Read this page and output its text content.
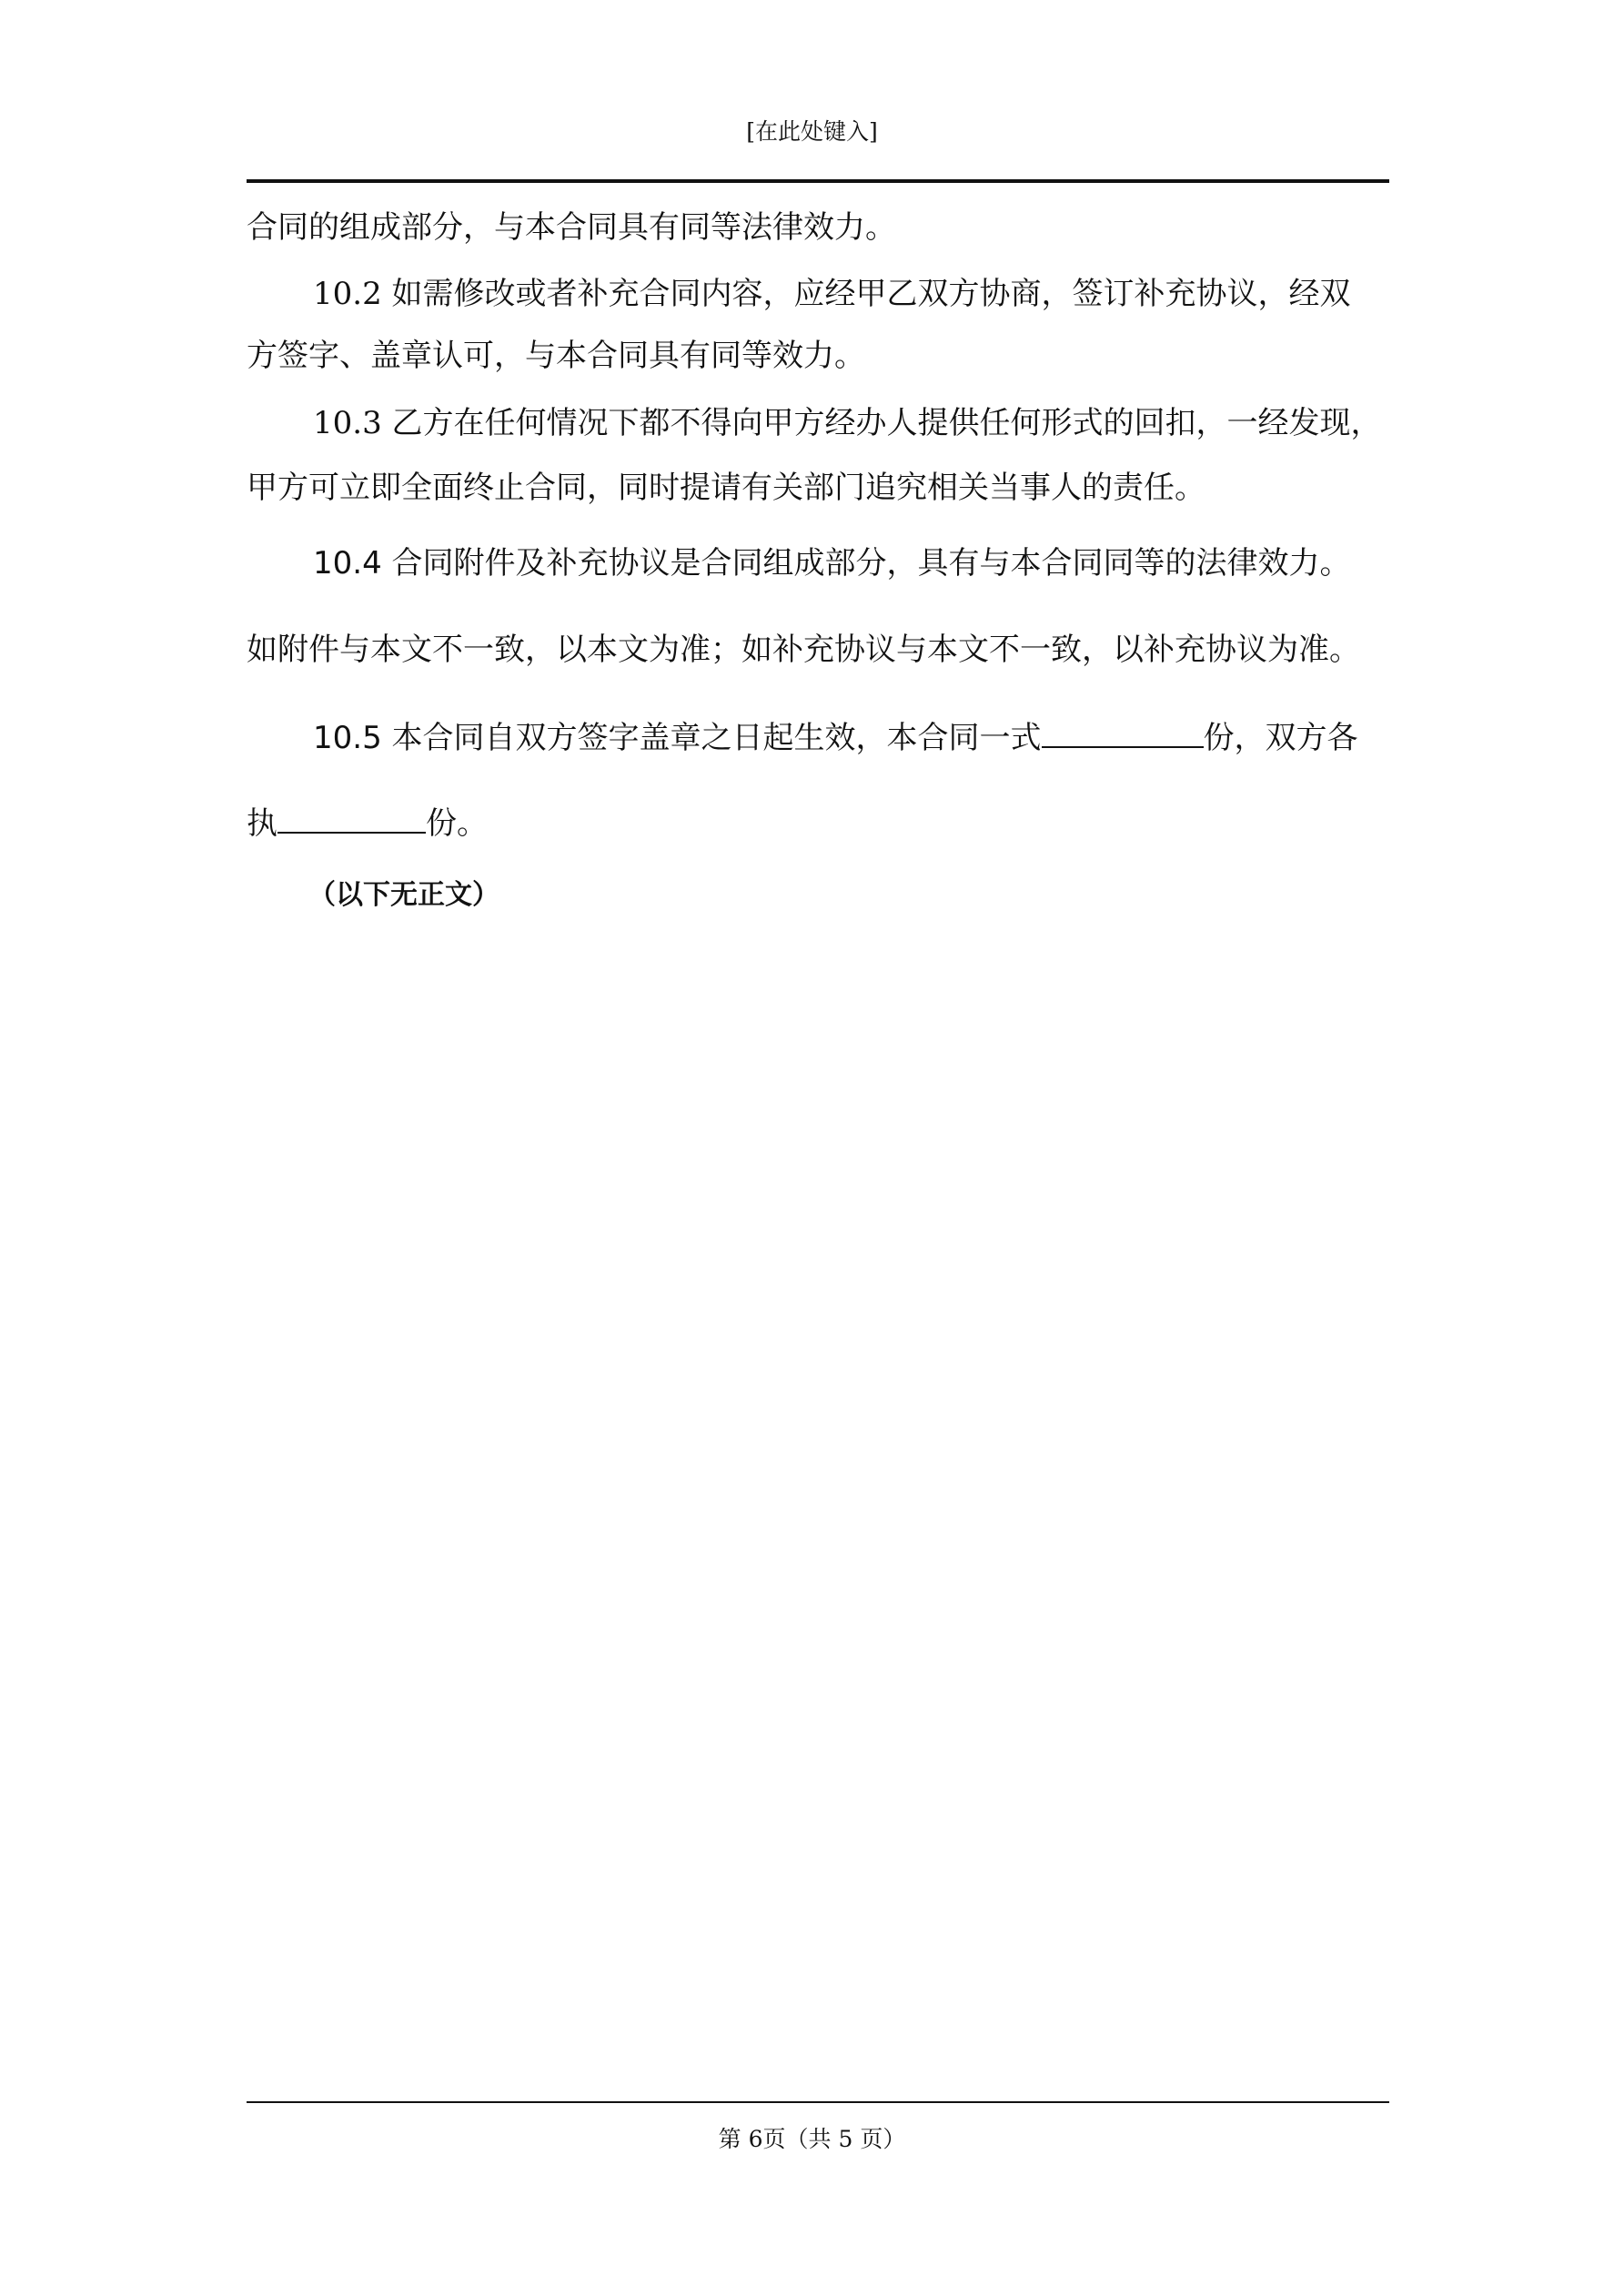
[在此处键入]
合同的组成部分，与本合同具有同等法律效力。
10.2 如需修改或者补充合同内容，应经甲乙双方协商，签订补充协议，经双
方签字、盖章认可，与本合同具有同等效力。
10.3 乙方在任何情况下都不得向甲方经办人提供任何形式的回扣，一经发现，
甲方可立即全面终止合同，同时提请有关部门追究相关当事人的责任。
10.4 合同附件及补充协议是合同组成部分，具有与本合同同等的法律效力。
如附件与本文不一致，以本文为准；如补充协议与本文不一致，以补充协议为准。
10.5 本合同自双方签字盖章之日起生效，本合同一式	份，双方各
执	份。
（以下无正文）
第 6页（共 5 页）
